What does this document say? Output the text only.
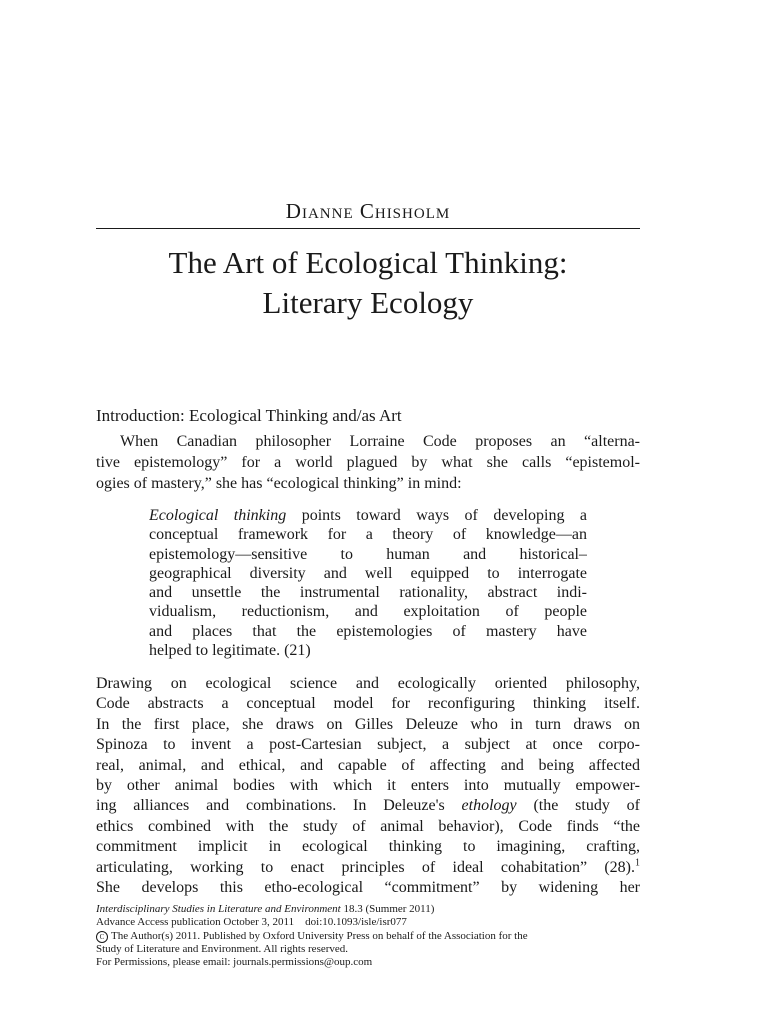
Dianne Chisholm
The Art of Ecological Thinking:
Literary Ecology
Introduction: Ecological Thinking and/as Art
When Canadian philosopher Lorraine Code proposes an “alterna-
tive epistemology” for a world plagued by what she calls “epistemol-
ogies of mastery,” she has “ecological thinking” in mind:
Ecological thinking points toward ways of developing a
conceptual framework for a theory of knowledge—an
epistemology—sensitive to human and historical–
geographical diversity and well equipped to interrogate
and unsettle the instrumental rationality, abstract indi-
vidualism, reductionism, and exploitation of people
and places that the epistemologies of mastery have
helped to legitimate. (21)
Drawing on ecological science and ecologically oriented philosophy,
Code abstracts a conceptual model for reconfiguring thinking itself.
In the first place, she draws on Gilles Deleuze who in turn draws on
Spinoza to invent a post-Cartesian subject, a subject at once corpo-
real, animal, and ethical, and capable of affecting and being affected
by other animal bodies with which it enters into mutually empower-
ing alliances and combinations. In Deleuze's ethology (the study of
ethics combined with the study of animal behavior), Code finds “the
commitment implicit in ecological thinking to imagining, crafting,
articulating, working to enact principles of ideal cohabitation” (28).$^1$
She develops this etho-ecological “commitment” by widening her
Interdisciplinary Studies in Literature and Environment 18.3 (Summer 2011)
Advance Access publication October 3, 2011    doi:10.1093/isle/isr077
C The Author(s) 2011. Published by Oxford University Press on behalf of the Association for the
Study of Literature and Environment. All rights reserved.
For Permissions, please email: journals.permissions@oup.com
